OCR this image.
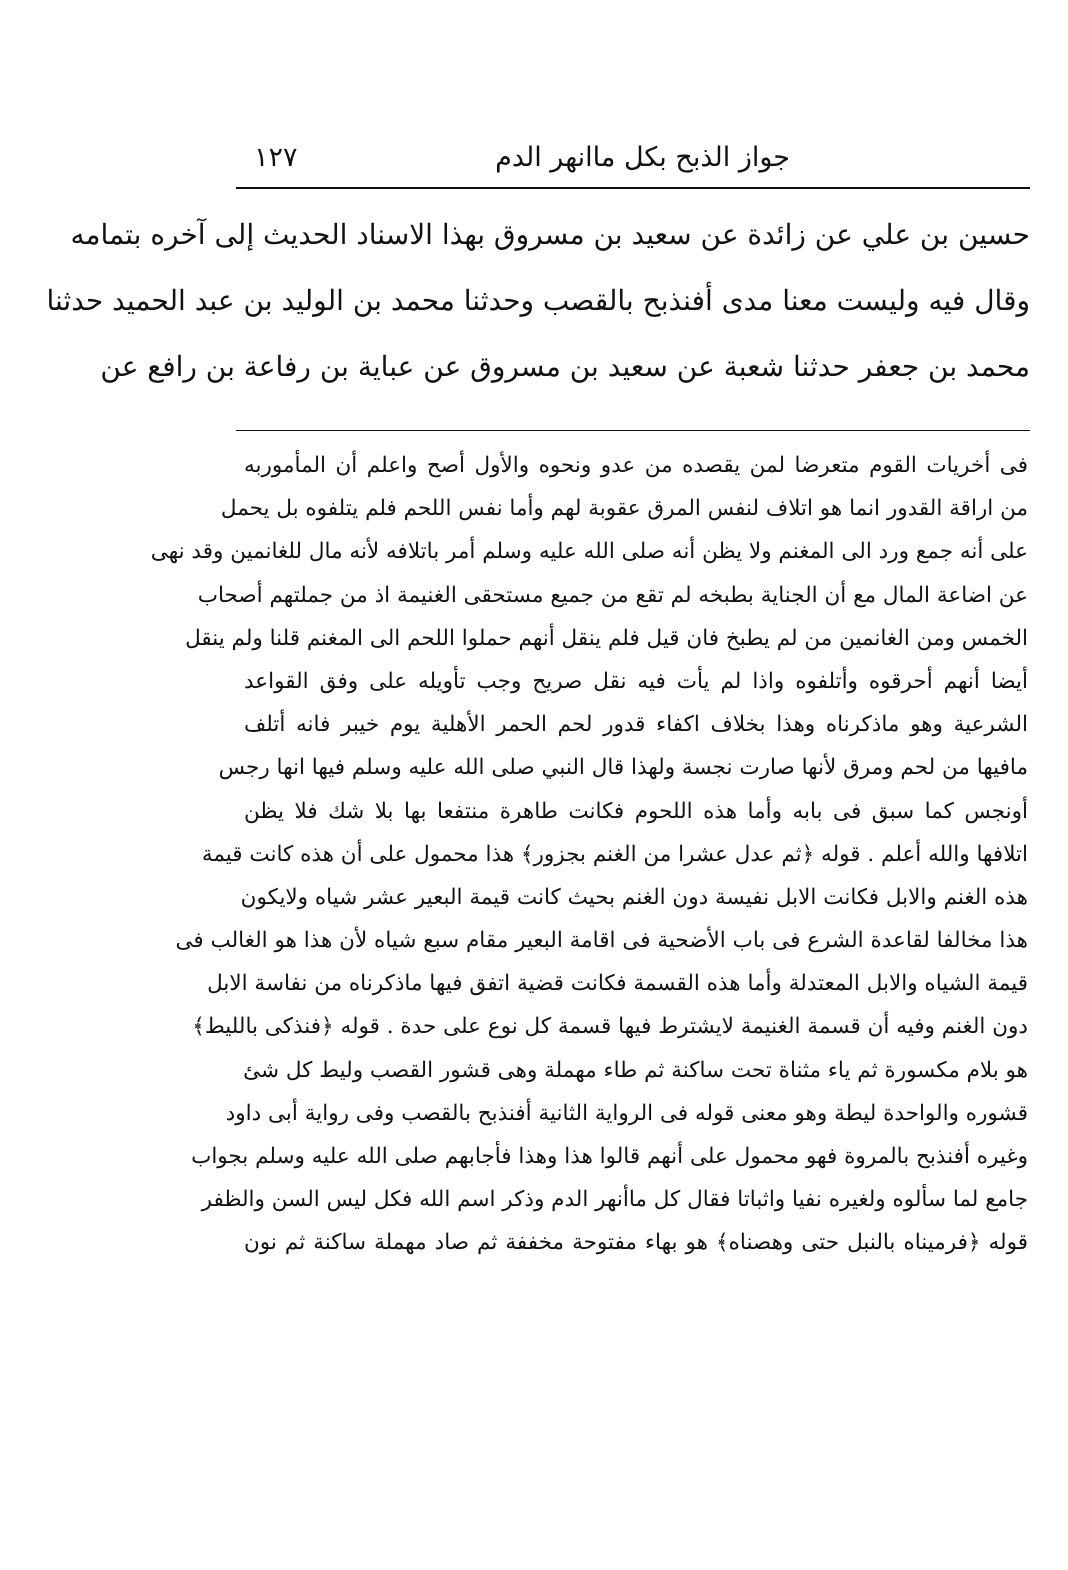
جواز الذبح بكل ماانهر الدم
١٢٧
حسين بن علي عن زائدة عن سعيد بن مسروق بهذا الاسناد الحديث إلى آخره بتمامه
وقال فيه وليست معنا مدى أفنذبح بالقصب وحدثنا محمد بن الوليد بن عبد الحميد حدثنا
محمد بن جعفر حدثنا شعبة عن سعيد بن مسروق عن عباية بن رفاعة بن رافع عن
فى أخريات القوم متعرضا لمن يقصده من عدو ونحوه والأول أصح واعلم أن المأموربه
من اراقة القدور انما هو اتلاف لنفس المرق عقوبة لهم وأما نفس اللحم فلم يتلفوه بل يحمل
على أنه جمع ورد الى المغنم ولا يظن أنه صلى الله عليه وسلم أمر باتلافه لأنه مال للغانمين وقد نهى
عن اضاعة المال مع أن الجناية بطبخه لم تقع من جميع مستحقى الغنيمة اذ من جملتهم أصحاب
الخمس ومن الغانمين من لم يطبخ فان قيل فلم ينقل أنهم حملوا اللحم الى المغنم قلنا ولم ينقل
أيضا أنهم أحرقوه وأتلفوه واذا لم يأت فيه نقل صريح وجب تأويله على وفق القواعد
الشرعية وهو ماذكرناه وهذا بخلاف اكفاء قدور لحم الحمر الأهلية يوم خيبر فانه أتلف
مافيها من لحم ومرق لأنها صارت نجسة ولهذا قال النبي صلى الله عليه وسلم فيها انها رجس
أونجس كما سبق فى بابه وأما هذه اللحوم فكانت طاهرة منتفعا بها بلا شك فلا يظن
اتلافها والله أعلم . قوله ﴿ثم عدل عشرا من الغنم بجزور﴾ هذا محمول على أن هذه كانت قيمة
هذه الغنم والابل فكانت الابل نفيسة دون الغنم بحيث كانت قيمة البعير عشر شياه ولايكون
هذا مخالفا لقاعدة الشرع فى باب الأضحية فى اقامة البعير مقام سبع شياه لأن هذا هو الغالب فى
قيمة الشياه والابل المعتدلة وأما هذه القسمة فكانت قضية اتفق فيها ماذكرناه من نفاسة الابل
دون الغنم وفيه أن قسمة الغنيمة لايشترط فيها قسمة كل نوع على حدة . قوله ﴿فنذكى بالليط﴾
هو بلام مكسورة ثم ياء مثناة تحت ساكنة ثم طاء مهملة وهى قشور القصب وليط كل شئ
قشوره والواحدة ليطة وهو معنى قوله فى الرواية الثانية أفنذبح بالقصب وفى رواية أبى داود
وغيره أفنذبح بالمروة فهو محمول على أنهم قالوا هذا وهذا فأجابهم صلى الله عليه وسلم بجواب
جامع لما سألوه ولغيره نفيا واثباتا فقال كل ماأنهر الدم وذكر اسم الله فكل ليس السن والظفر
قوله ﴿فرميناه بالنبل حتى وهصناه﴾ هو بهاء مفتوحة مخففة ثم صاد مهملة ساكنة ثم نون
